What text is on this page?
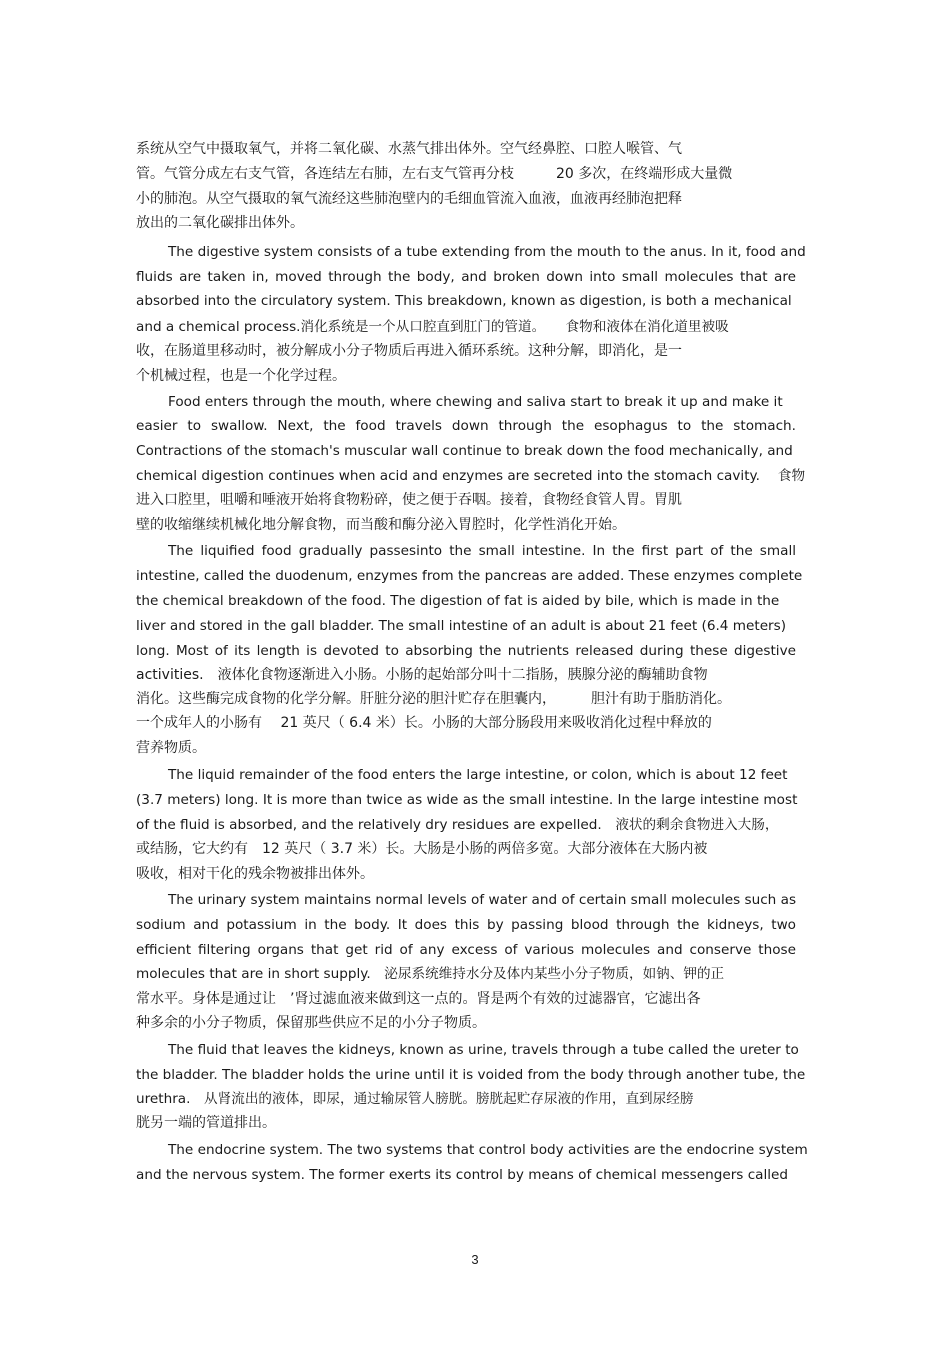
系统从空气中摄取氧气，并将二氧化碳、水蒸气排出体外。空气经鼻腔、口腔人喉管、气
管。气管分成左右支气管，各连结左右肺，左右支气管再分枝　　　20 多次，在终端形成大量微
小的肺泡。从空气摄取的氧气流经这些肺泡壁内的毛细血管流入血液，血液再经肺泡把释
放出的二氧化碳排出体外。
The digestive system consists of a tube extending from the mouth to the anus. In it, food and
fluids are taken in, moved through the body, and broken down into small molecules that are
absorbed into the circulatory system. This breakdown, known as digestion, is both a mechanical
and a chemical process.消化系统是一个从口腔直到肛门的管道。　　食物和液体在消化道里被吸
收，在肠道里移动时，被分解成小分子物质后再进入循环系统。这种分解，即消化，是一
个机械过程，也是一个化学过程。
Food enters through the mouth, where chewing and saliva start to break it up and make it
easier to swallow. Next, the food travels down through the esophagus to the stomach.
Contractions of the stomach's muscular wall continue to break down the food mechanically, and
chemical digestion continues when acid and enzymes are secreted into the stomach cavity.　 食物
进入口腔里，咀嚼和唾液开始将食物粉碎，使之便于吞咽。接着，食物经食管人胃。胃肌
壁的收缩继续机械化地分解食物，而当酸和酶分泌入胃腔时，化学性消化开始。
The liquified food gradually passesinto the small intestine. In the first part of the small
intestine, called the duodenum, enzymes from the pancreas are added. These enzymes complete
the chemical breakdown of the food. The digestion of fat is aided by bile, which is made in the
liver and stored in the gall bladder. The small intestine of an adult is about 21 feet (6.4 meters)
long. Most of its length is devoted to absorbing the nutrients released during these digestive
activities.　液体化食物逐渐进入小肠。小肠的起始部分叫十二指肠，胰腺分泌的酶辅助食物
消化。这些酶完成食物的化学分解。肝脏分泌的胆汁贮存在胆囊内，　　　胆汁有助于脂肪消化。
一个成年人的小肠有　 21 英尺（ 6.4 米）长。小肠的大部分肠段用来吸收消化过程中释放的
营养物质。
The liquid remainder of the food enters the large intestine, or colon, which is about 12 feet
(3.7 meters) long. It is more than twice as wide as the small intestine. In the large intestine most
of the fluid is absorbed, and the relatively dry residues are expelled.　液状的剩余食物进入大肠，
或结肠，它大约有　12 英尺（ 3.7 米）长。大肠是小肠的两倍多宽。大部分液体在大肠内被
吸收，相对干化的残余物被排出体外。
The urinary system maintains normal levels of water and of certain small molecules such as
sodium and potassium in the body. It does this by passing blood through the kidneys, two
efficient filtering organs that get rid of any excess of various molecules and conserve those
molecules that are in short supply.　泌尿系统维持水分及体内某些小分子物质，如钠、钾的正
常水平。身体是通过让　’肾过滤血液来做到这一点的。肾是两个有效的过滤器官，它滤出各
种多余的小分子物质，保留那些供应不足的小分子物质。
The fluid that leaves the kidneys, known as urine, travels through a tube called the ureter to
the bladder. The bladder holds the urine until it is voided from the body through another tube, the
urethra.　从肾流出的液体，即尿，通过输尿管人膀胱。膀胱起贮存尿液的作用，直到尿经膀
胱另一端的管道排出。
The endocrine system. The two systems that control body activities are the endocrine system
and the nervous system. The former exerts its control by means of chemical messengers called
3
